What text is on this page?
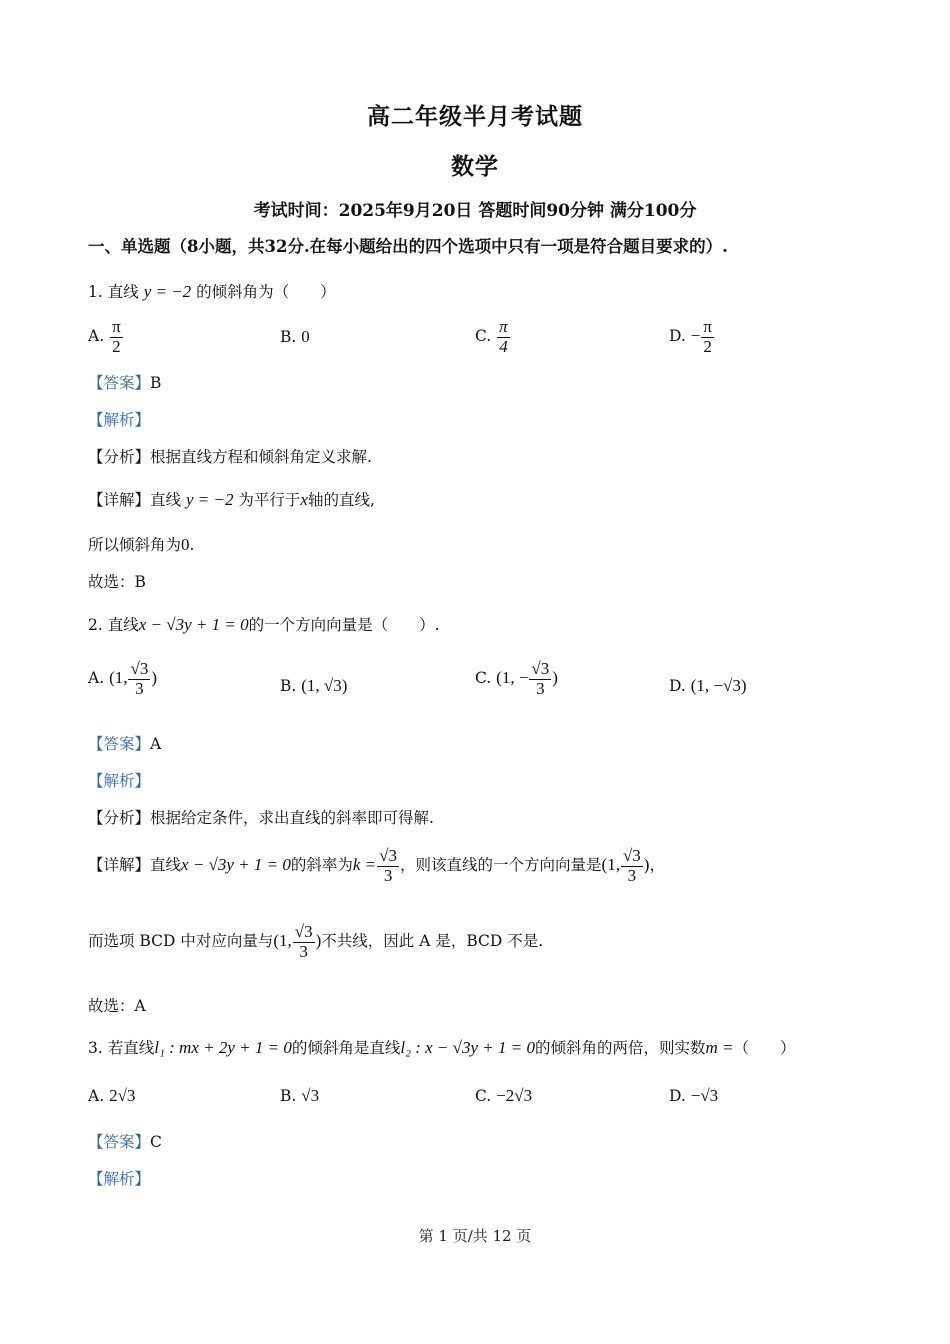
高二年级半月考试题
数学
考试时间：2025年9月20日 答题时间90分钟 满分100分
一、单选题（8小题，共32分.在每小题给出的四个选项中只有一项是符合题目要求的）.
1. 直线 y = −2 的倾斜角为（　　）
A. $\frac{\pi}{2}$	B. 0	C. $\frac{\pi}{4}$	D. − $\frac{\pi}{2}$
【答案】B
【解析】
【分析】根据直线方程和倾斜角定义求解.
【详解】直线 y = −2 为平行于x轴的直线,
所以倾斜角为0.
故选：B
2. 直线x − √3y + 1 = 0的一个方向向量是（　　）.
A. (1, $\frac{√3}{3}$ )	B. (1, √3)	C. (1, − $\frac{√3}{3}$ )	D. (1, −√3)
【答案】A
【解析】
【分析】根据给定条件，求出直线的斜率即可得解.
【详解】直线x − √3y + 1 = 0的斜率为$k = \frac{√3}{3}$ ，则该直线的一个方向向量是(1, $\frac{√3}{3}$ )，
而选项 BCD 中对应向量与(1, $\frac{√3}{3}$ )不共线，因此 A 是，BCD 不是.
故选：A
3. 若直线l₁ : mx + 2y + 1 = 0的倾斜角是直线l₂ : x − √3y + 1 = 0的倾斜角的两倍，则实数m =（　　）
A. 2√3	B. √3	C. −2√3	D. −√3
【答案】C
【解析】
第 1 页/共 12 页
